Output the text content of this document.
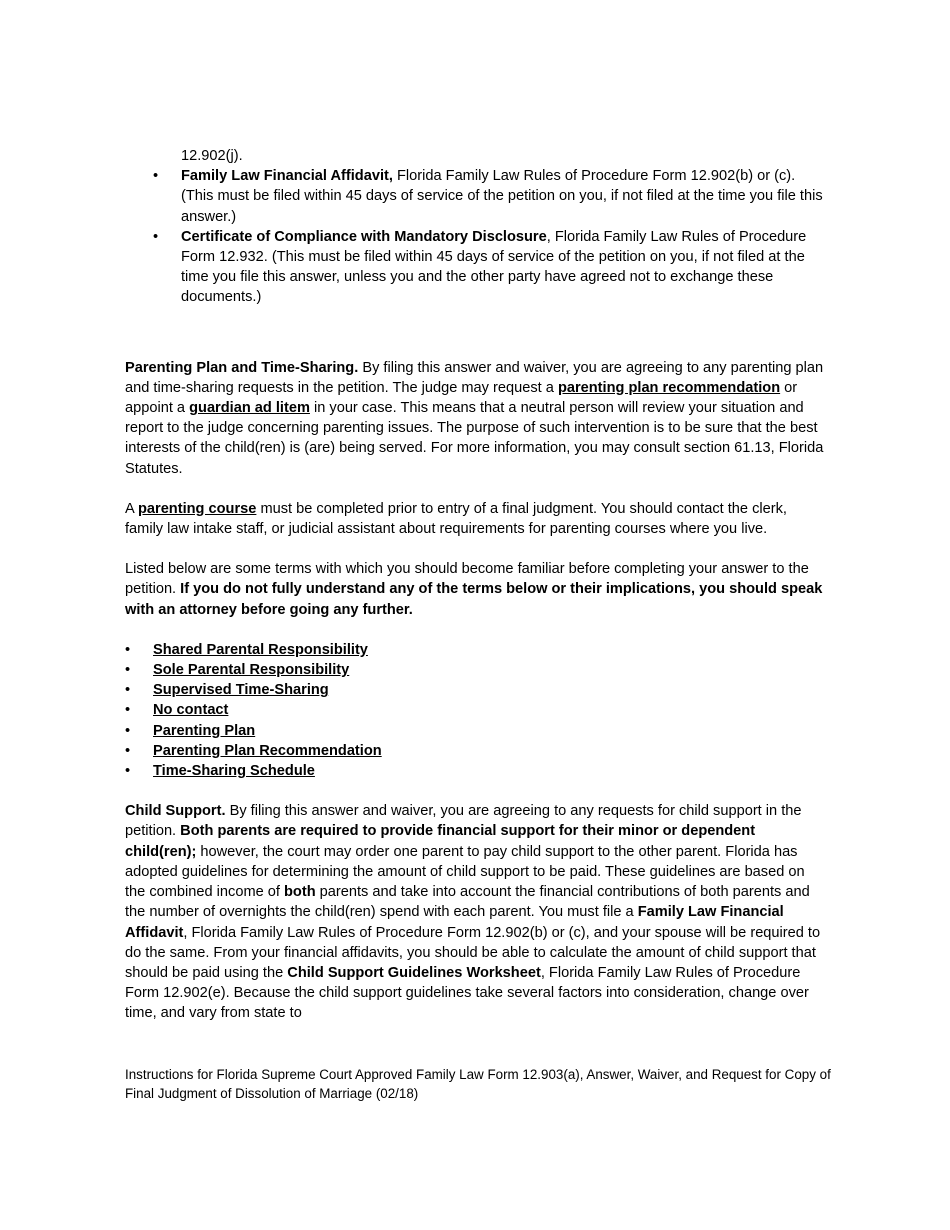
12.902(j).
• Family Law Financial Affidavit, Florida Family Law Rules of Procedure Form 12.902(b) or (c). (This must be filed within 45 days of service of the petition on you, if not filed at the time you file this answer.)
• Certificate of Compliance with Mandatory Disclosure, Florida Family Law Rules of Procedure Form 12.932. (This must be filed within 45 days of service of the petition on you, if not filed at the time you file this answer, unless you and the other party have agreed not to exchange these documents.)

Parenting Plan and Time-Sharing. By filing this answer and waiver, you are agreeing to any parenting plan and time-sharing requests in the petition. The judge may request a parenting plan recommendation or appoint a guardian ad litem in your case. This means that a neutral person will review your situation and report to the judge concerning parenting issues. The purpose of such intervention is to be sure that the best interests of the child(ren) is (are) being served. For more information, you may consult section 61.13, Florida Statutes.

A parenting course must be completed prior to entry of a final judgment. You should contact the clerk, family law intake staff, or judicial assistant about requirements for parenting courses where you live.

Listed below are some terms with which you should become familiar before completing your answer to the petition. If you do not fully understand any of the terms below or their implications, you should speak with an attorney before going any further.

• Shared Parental Responsibility
• Sole Parental Responsibility
• Supervised Time-Sharing
• No contact
• Parenting Plan
• Parenting Plan Recommendation
• Time-Sharing Schedule

Child Support. By filing this answer and waiver, you are agreeing to any requests for child support in the petition. Both parents are required to provide financial support for their minor or dependent child(ren); however, the court may order one parent to pay child support to the other parent. Florida has adopted guidelines for determining the amount of child support to be paid. These guidelines are based on the combined income of both parents and take into account the financial contributions of both parents and the number of overnights the child(ren) spend with each parent. You must file a Family Law Financial Affidavit, Florida Family Law Rules of Procedure Form 12.902(b) or (c), and your spouse will be required to do the same. From your financial affidavits, you should be able to calculate the amount of child support that should be paid using the Child Support Guidelines Worksheet, Florida Family Law Rules of Procedure Form 12.902(e). Because the child support guidelines take several factors into consideration, change over time, and vary from state to

Instructions for Florida Supreme Court Approved Family Law Form 12.903(a), Answer, Waiver, and Request for Copy of Final Judgment of Dissolution of Marriage (02/18)
